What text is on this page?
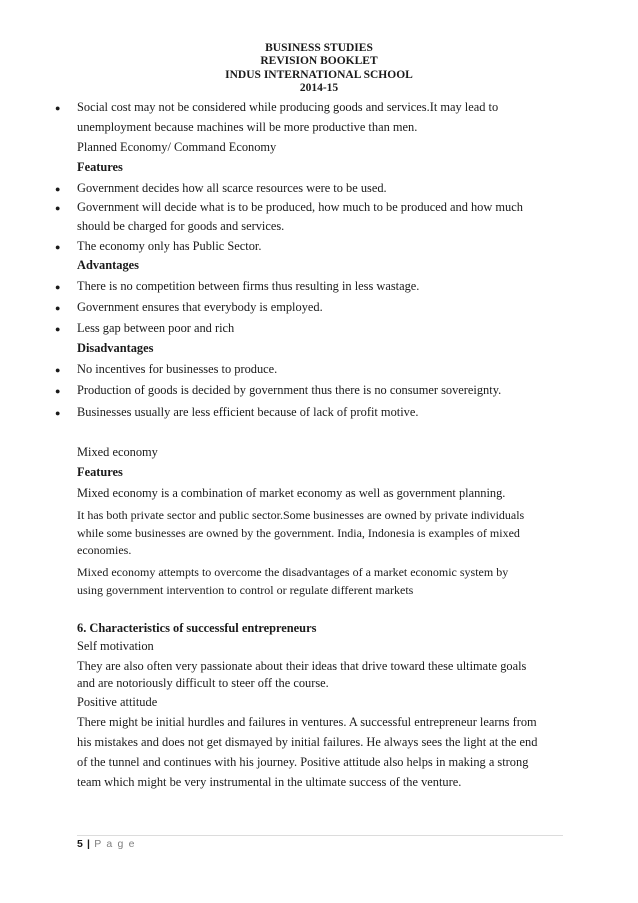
BUSINESS STUDIES
REVISION BOOKLET
INDUS INTERNATIONAL SCHOOL
2014-15
● Social cost may not be considered while producing goods and services.It may lead to
unemployment because machines will be more productive than men.
Planned Economy/ Command Economy
Features
● Government decides how all scarce resources were to be used.
● Government will decide what is to be produced, how much to be produced and how much
should be charged for goods and services.
● The economy only has Public Sector.
Advantages
● There is no competition between firms thus resulting in less wastage.
● Government ensures that everybody is employed.
● Less gap between poor and rich
Disadvantages
● No incentives for businesses to produce.
● Production of goods is decided by government thus there is no consumer sovereignty.
● Businesses usually are less efficient because of lack of profit motive.
Mixed economy
Features
Mixed economy is a combination of market economy as well as government planning.
It has both private sector and public sector.Some businesses are owned by private individuals
while some businesses are owned by the government. India, Indonesia is examples of mixed
economies.
Mixed economy attempts to overcome the disadvantages of a market economic system by
using government intervention to control or regulate different markets
6. Characteristics of successful entrepreneurs
Self motivation
They are also often very passionate about their ideas that drive toward these ultimate goals
and are notoriously difficult to steer off the course.
Positive attitude
There might be initial hurdles and failures in ventures. A successful entrepreneur learns from
his mistakes and does not get dismayed by initial failures. He always sees the light at the end
of the tunnel and continues with his journey. Positive attitude also helps in making a strong
team which might be very instrumental in the ultimate success of the venture.
5 | P a g e
